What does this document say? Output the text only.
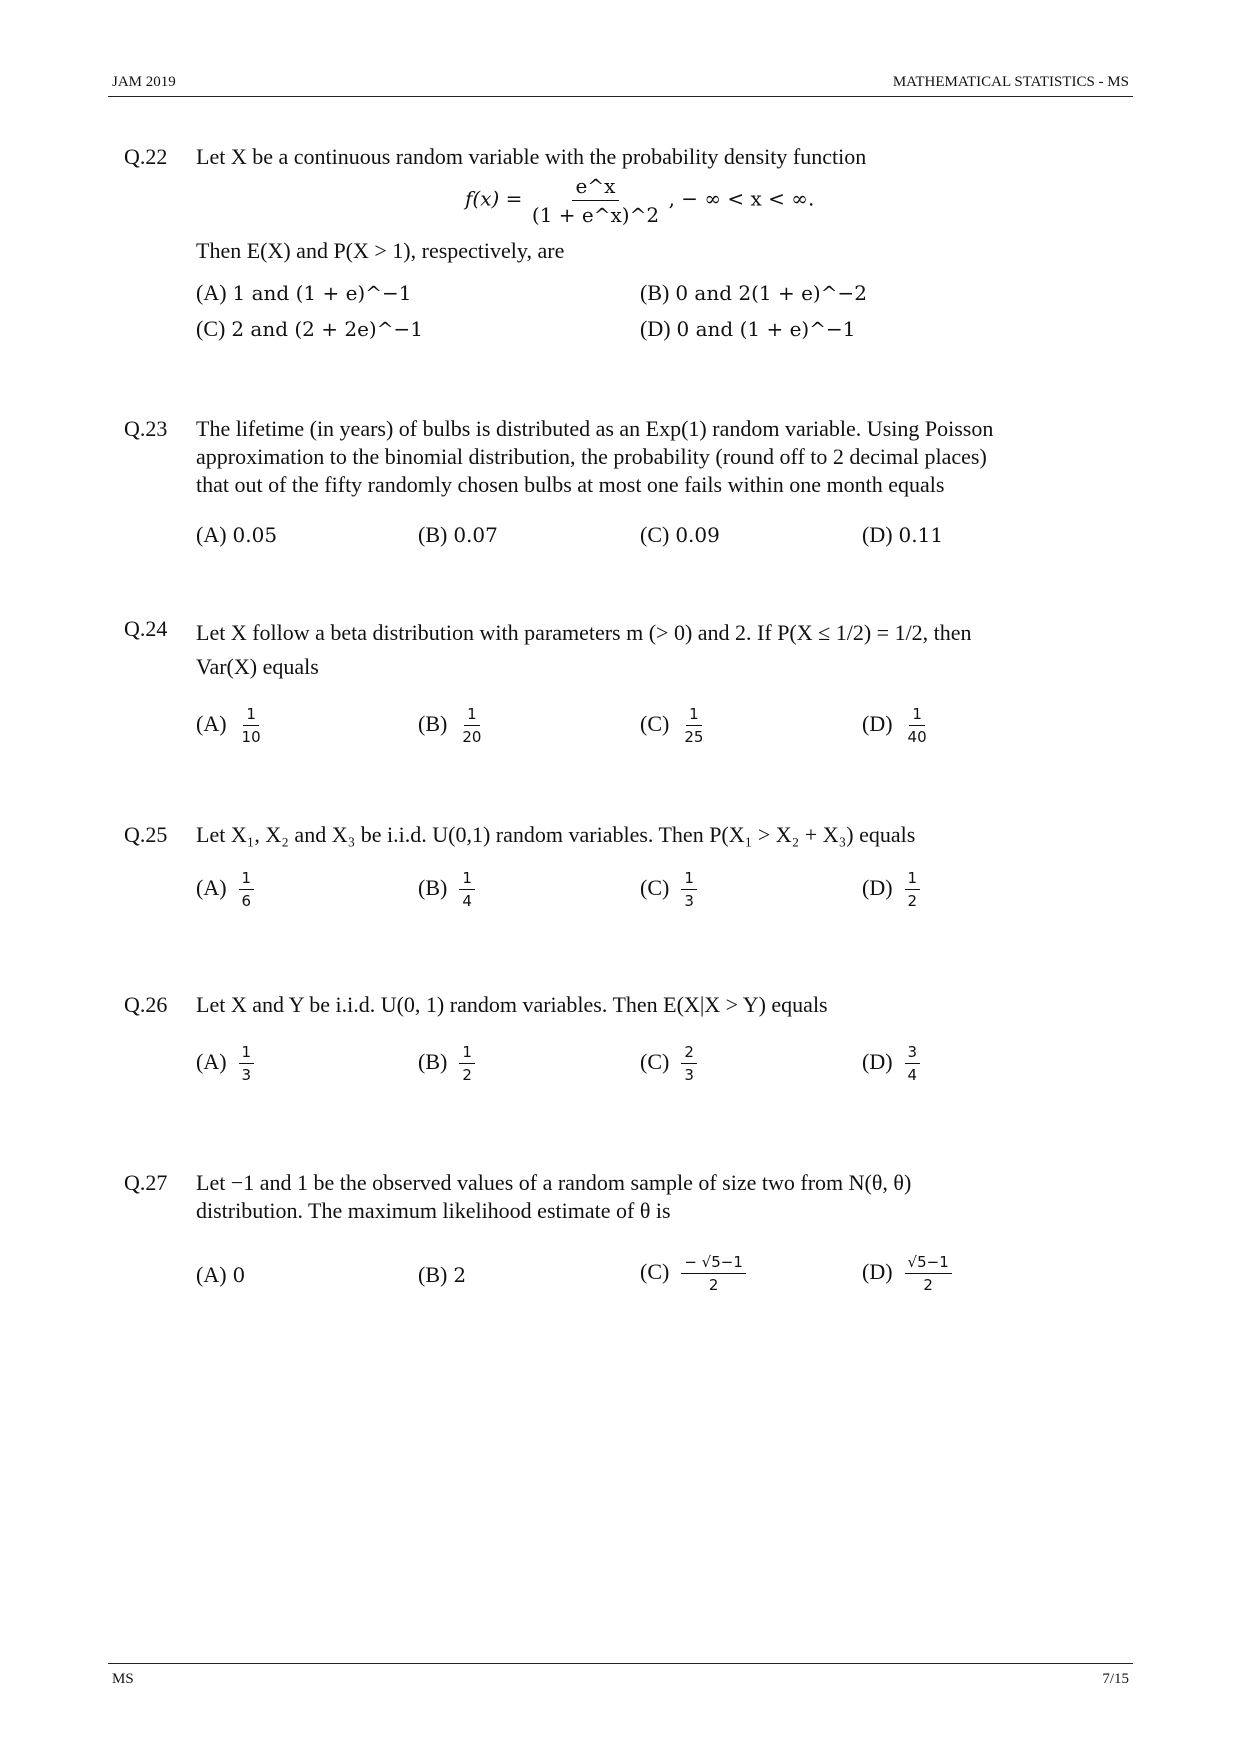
JAM 2019	MATHEMATICAL STATISTICS - MS
Q.22 Let X be a continuous random variable with the probability density function
$f(x) = \frac{e\^{}x}{(1 + e\^{}x)\^{}2}$ , − ∞ < x < ∞.
Then E(X) and P(X > 1), respectively, are
(A) 1 and (1 + e)^−1	(B) 0 and 2(1 + e)^−2
(C) 2 and (2 + 2e)^−1	(D) 0 and (1 + e)^−1
Q.23 The lifetime (in years) of bulbs is distributed as an Exp(1) random variable. Using Poisson
approximation to the binomial distribution, the probability (round off to 2 decimal places)
that out of the fifty randomly chosen bulbs at most one fails within one month equals
(A) 0.05	(B) 0.07	(C) 0.09	(D) 0.11
Q.24 Let X follow a beta distribution with parameters m (> 0) and 2. If P(X ≤ 1/2) = 1/2, then
Var(X) equals
$(A) \frac{1}{10}$	$(B) \frac{1}{20}$	$(C) \frac{1}{25}$	$(D) \frac{1}{40}$
Q.25 Let X₁, X₂ and X₃ be i.i.d. U(0,1) random variables. Then P(X₁ > X₂ + X₃) equals
$(A) \frac{1}{6}$	$(B) \frac{1}{4}$	$(C) \frac{1}{3}$	$(D) \frac{1}{2}$
Q.26 Let X and Y be i.i.d. U(0, 1) random variables. Then E(X|X > Y) equals
$(A) \frac{1}{3}$	$(B) \frac{1}{2}$	$(C) \frac{2}{3}$	$(D) \frac{3}{4}$
Q.27 Let −1 and 1 be the observed values of a random sample of size two from N(θ, θ)
distribution. The maximum likelihood estimate of θ is
(A) 0	(B) 2	$(C) \frac{- √5-1}{2}$	$(D) \frac{√5-1}{2}$
MS	7/15
